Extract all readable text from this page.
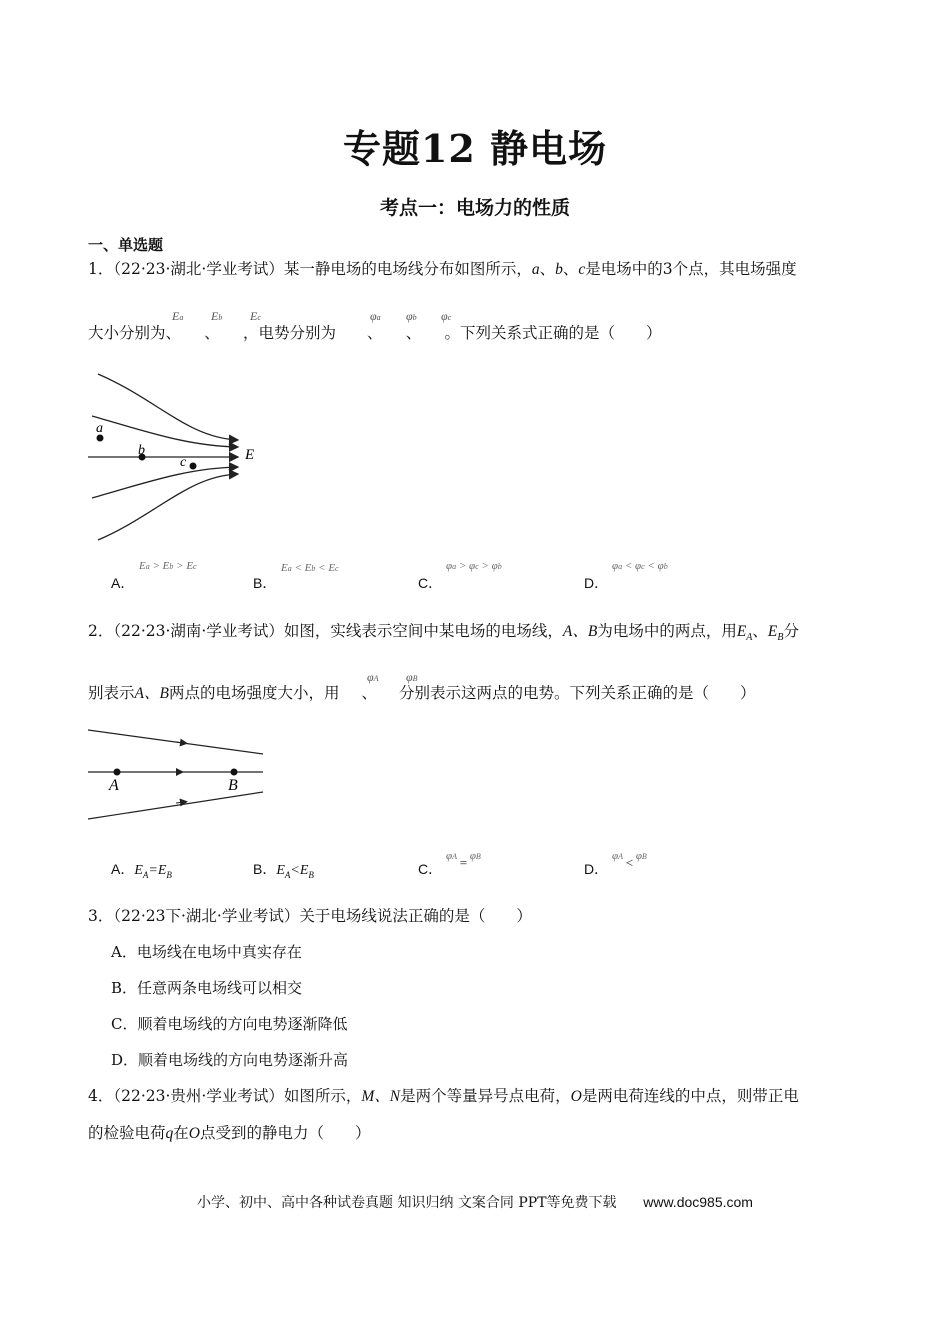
专题12 静电场
考点一：电场力的性质
一、单选题
1．（22·23·湖北·学业考试）某一静电场的电场线分布如图所示，a、b、c是电场中的3个点，其电场强度
大小分别为、　　、　　，电势分别为　　、　　、　　。下列关系式正确的是（　　）
Ea Eb Ec	φa φb φc
a
b
c	E
A．
Ea > Eb > Ec
B．
Ea < Eb < Ec
C．
φa > φc > φb
D．
φa < φc < φb
2．（22·23·湖南·学业考试）如图，实线表示空间中某电场的电场线，A、B为电场中的两点，用$E_A$、$E_B$分
别表示A、B两点的电场强度大小，用 、 分别表示这两点的电势。下列关系正确的是（　　）
φA φB
A	B
A．$E_A=E_B$	B．$E_A<E_B$	C．
φA = φB
D．
φA < φB
3．（22·23下·湖北·学业考试）关于电场线说法正确的是（　　）
A．电场线在电场中真实存在
B．任意两条电场线可以相交
C．顺着电场线的方向电势逐渐降低
D．顺着电场线的方向电势逐渐升高
4．（22·23·贵州·学业考试）如图所示，M、N是两个等量异号点电荷，O是两电荷连线的中点，则带正电
的检验电荷q在O点受到的静电力（　　）
小学、初中、高中各种试卷真题 知识归纳 文案合同 PPT等免费下载 www.doc985.com
